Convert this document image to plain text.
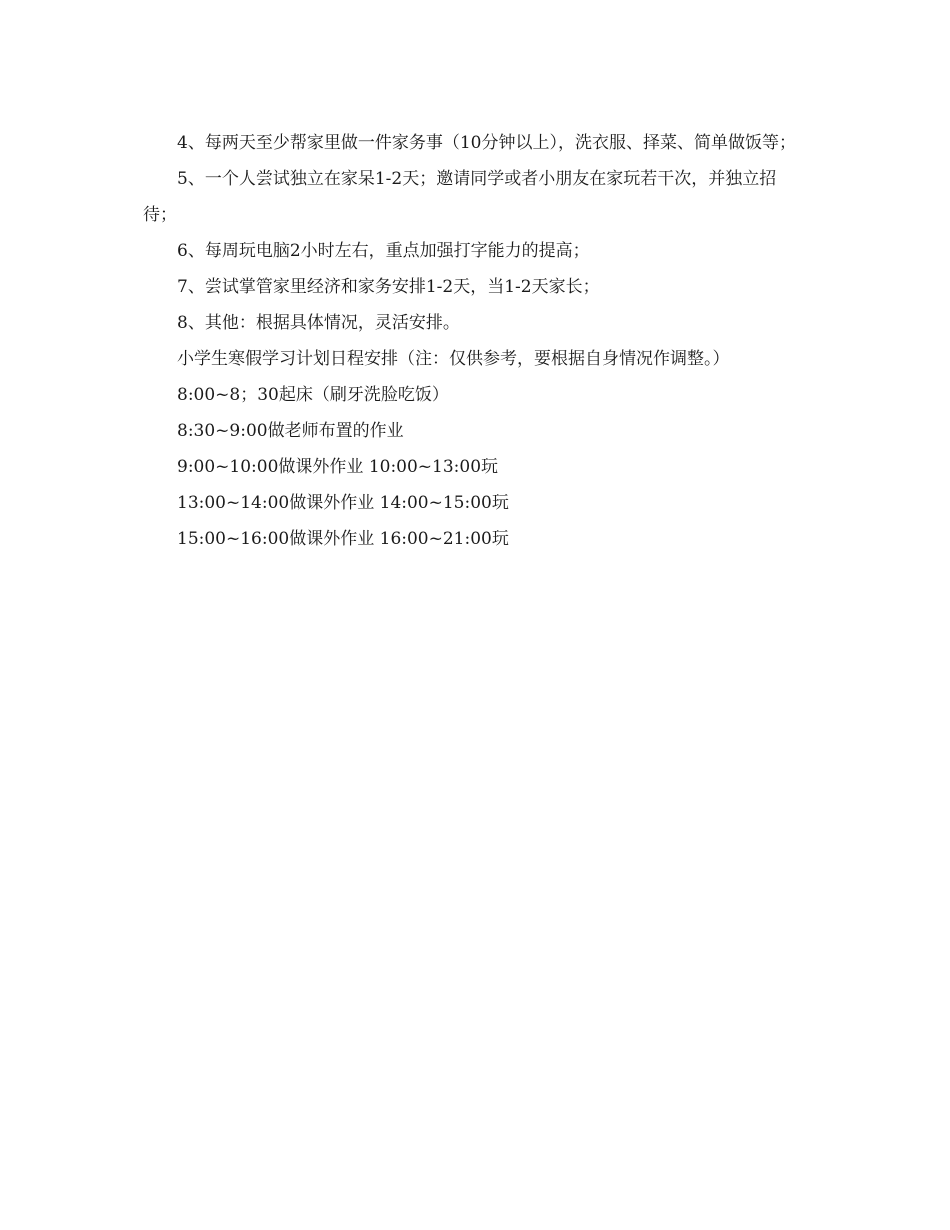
4、每两天至少帮家里做一件家务事（10分钟以上），洗衣服、择菜、简单做饭等；

5、一个人尝试独立在家呆1-2天；邀请同学或者小朋友在家玩若干次，并独立招待；

6、每周玩电脑2小时左右，重点加强打字能力的提高；

7、尝试掌管家里经济和家务安排1-2天，当1-2天家长；

8、其他：根据具体情况，灵活安排。

小学生寒假学习计划日程安排（注：仅供参考，要根据自身情况作调整。）

8:00~8；30起床（刷牙洗脸吃饭）

8:30~9:00做老师布置的作业

9:00~10:00做课外作业 10:00~13:00玩

13:00~14:00做课外作业 14:00~15:00玩

15:00~16:00做课外作业 16:00~21:00玩
